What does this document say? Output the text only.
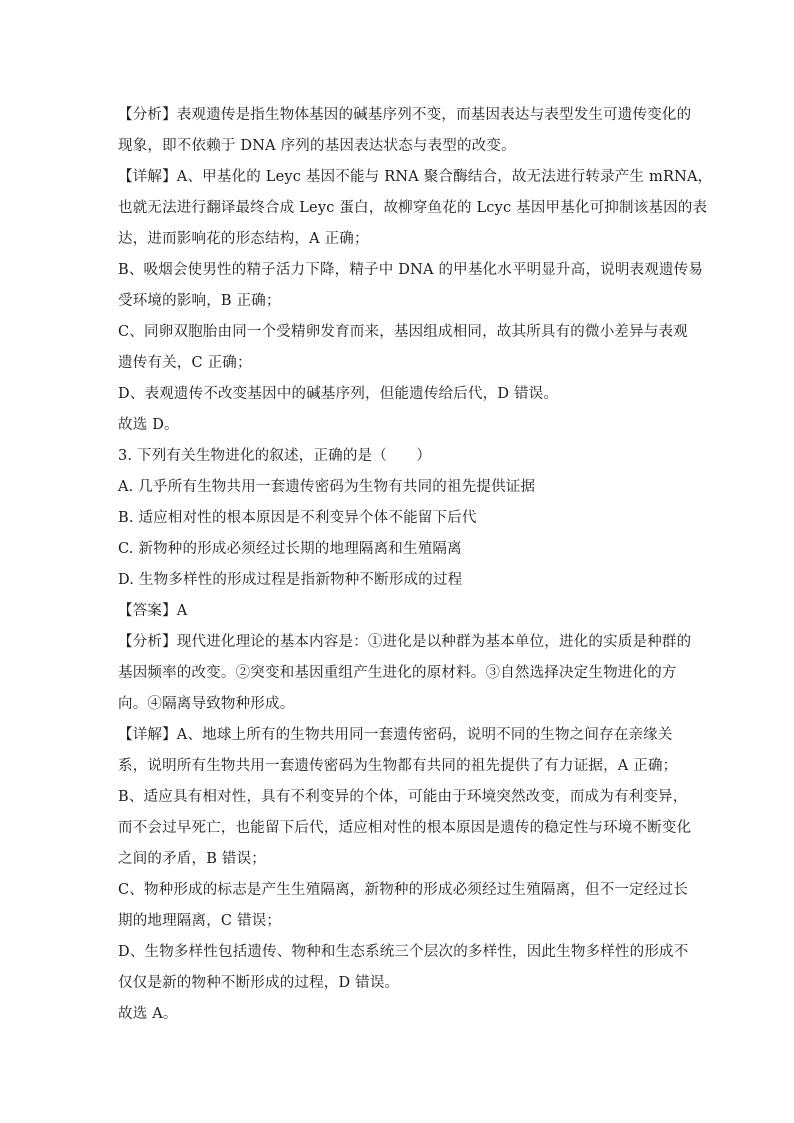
【分析】表观遗传是指生物体基因的碱基序列不变，而基因表达与表型发生可遗传变化的
现象，即不依赖于 DNA 序列的基因表达状态与表型的改变。
【详解】A、甲基化的 Leyc 基因不能与 RNA 聚合酶结合，故无法进行转录产生 mRNA，
也就无法进行翻译最终合成 Leyc 蛋白，故柳穿鱼花的 Lcyc 基因甲基化可抑制该基因的表
达，进而影响花的形态结构，A 正确；
B、吸烟会使男性的精子活力下降，精子中 DNA 的甲基化水平明显升高，说明表观遗传易
受环境的影响，B 正确；
C、同卵双胞胎由同一个受精卵发育而来，基因组成相同，故其所具有的微小差异与表观
遗传有关，C 正确；
D、表观遗传不改变基因中的碱基序列，但能遗传给后代，D 错误。
故选 D。
3. 下列有关生物进化的叙述，正确的是（　　）
A. 几乎所有生物共用一套遗传密码为生物有共同的祖先提供证据
B. 适应相对性的根本原因是不利变异个体不能留下后代
C. 新物种的形成必须经过长期的地理隔离和生殖隔离
D. 生物多样性的形成过程是指新物种不断形成的过程
【答案】A
【分析】现代进化理论的基本内容是：①进化是以种群为基本单位，进化的实质是种群的
基因频率的改变。②突变和基因重组产生进化的原材料。③自然选择决定生物进化的方
向。④隔离导致物种形成。
【详解】A、地球上所有的生物共用同一套遗传密码，说明不同的生物之间存在亲缘关
系，说明所有生物共用一套遗传密码为生物都有共同的祖先提供了有力证据，A 正确；
B、适应具有相对性，具有不利变异的个体，可能由于环境突然改变，而成为有利变异，
而不会过早死亡，也能留下后代，适应相对性的根本原因是遗传的稳定性与环境不断变化
之间的矛盾，B 错误；
C、物种形成的标志是产生生殖隔离，新物种的形成必须经过生殖隔离，但不一定经过长
期的地理隔离，C 错误；
D、生物多样性包括遗传、物种和生态系统三个层次的多样性，因此生物多样性的形成不
仅仅是新的物种不断形成的过程，D 错误。
故选 A。
